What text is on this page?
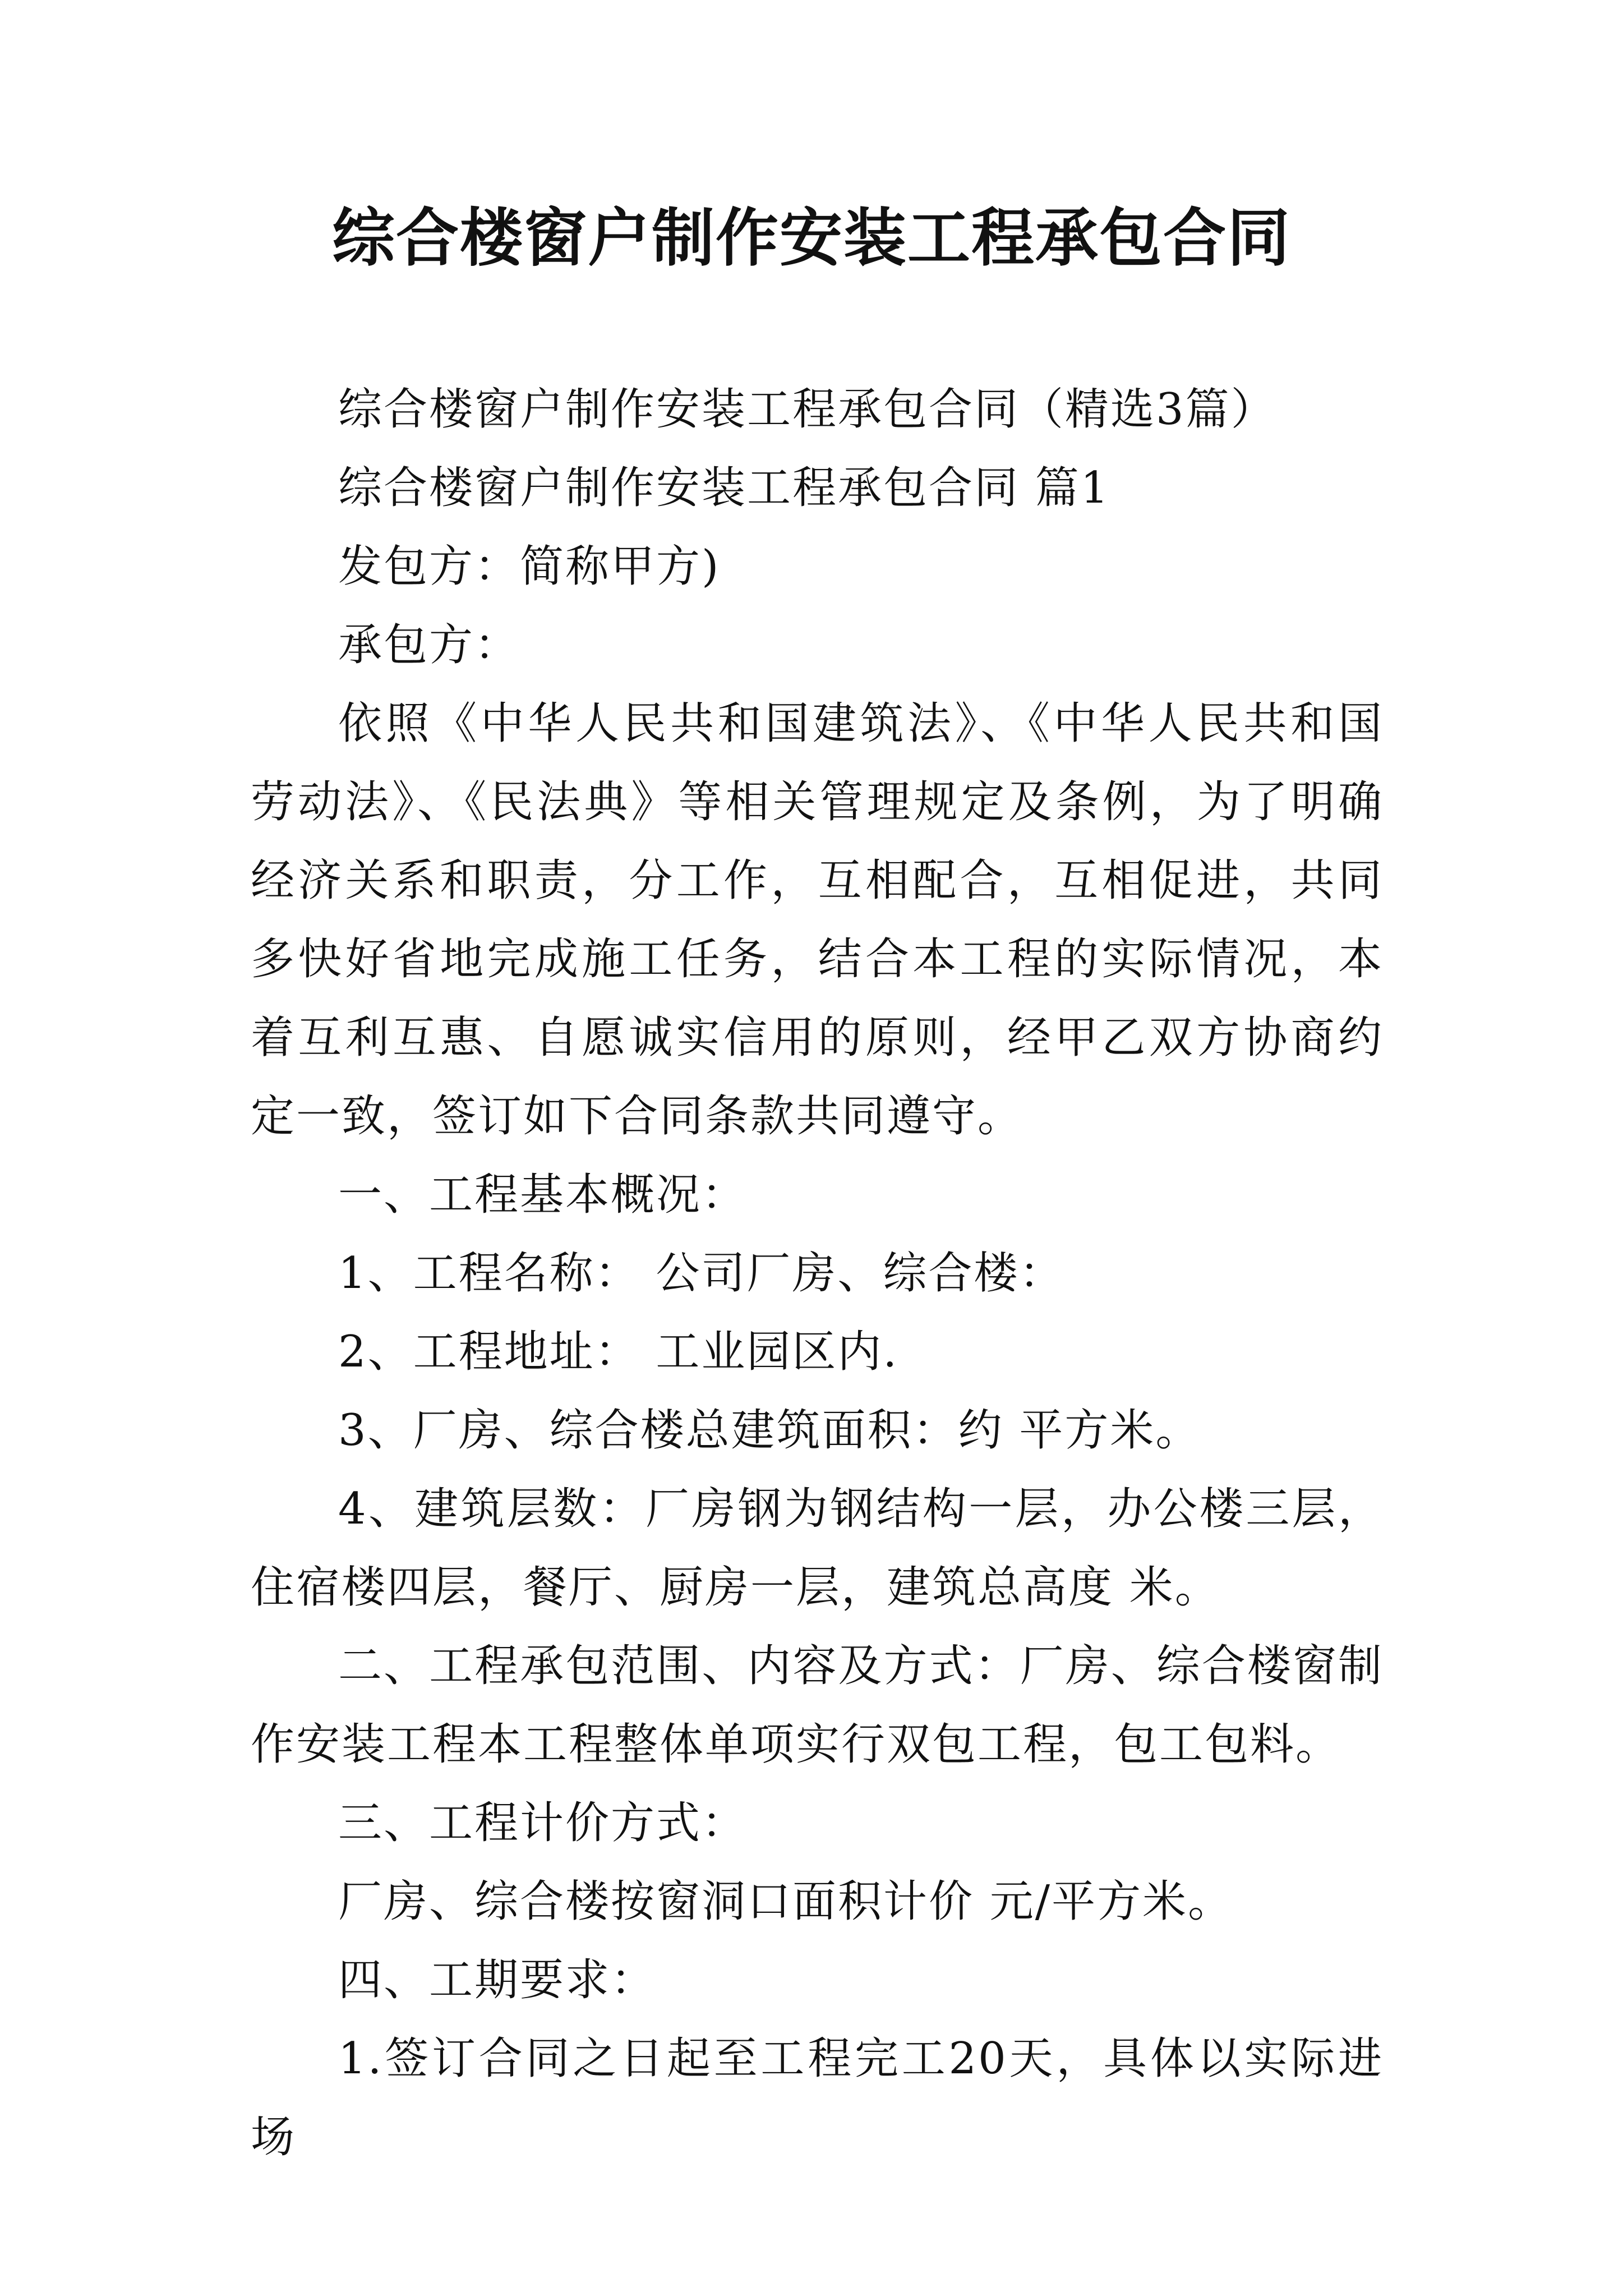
综合楼窗户制作安装工程承包合同

综合楼窗户制作安装工程承包合同（精选3篇）

综合楼窗户制作安装工程承包合同 篇1

发包方：简称甲方)

承包方：

依照《中华人民共和国建筑法》、《中华人民共和国劳动法》、《民法典》等相关管理规定及条例，为了明确经济关系和职责，分工作，互相配合，互相促进，共同多快好省地完成施工任务，结合本工程的实际情况，本着互利互惠、自愿诚实信用的原则，经甲乙双方协商约定一致，签订如下合同条款共同遵守。

一、工程基本概况：

1、工程名称： 公司厂房、综合楼：

2、工程地址： 工业园区内.

3、厂房、综合楼总建筑面积：约 平方米。

4、建筑层数：厂房钢为钢结构一层，办公楼三层，住宿楼四层，餐厅、厨房一层，建筑总高度 米。

二、工程承包范围、内容及方式：厂房、综合楼窗制作安装工程本工程整体单项实行双包工程，包工包料。

三、工程计价方式：

厂房、综合楼按窗洞口面积计价 元/平方米。

四、工期要求：

1.签订合同之日起至工程完工20天，具体以实际进场
